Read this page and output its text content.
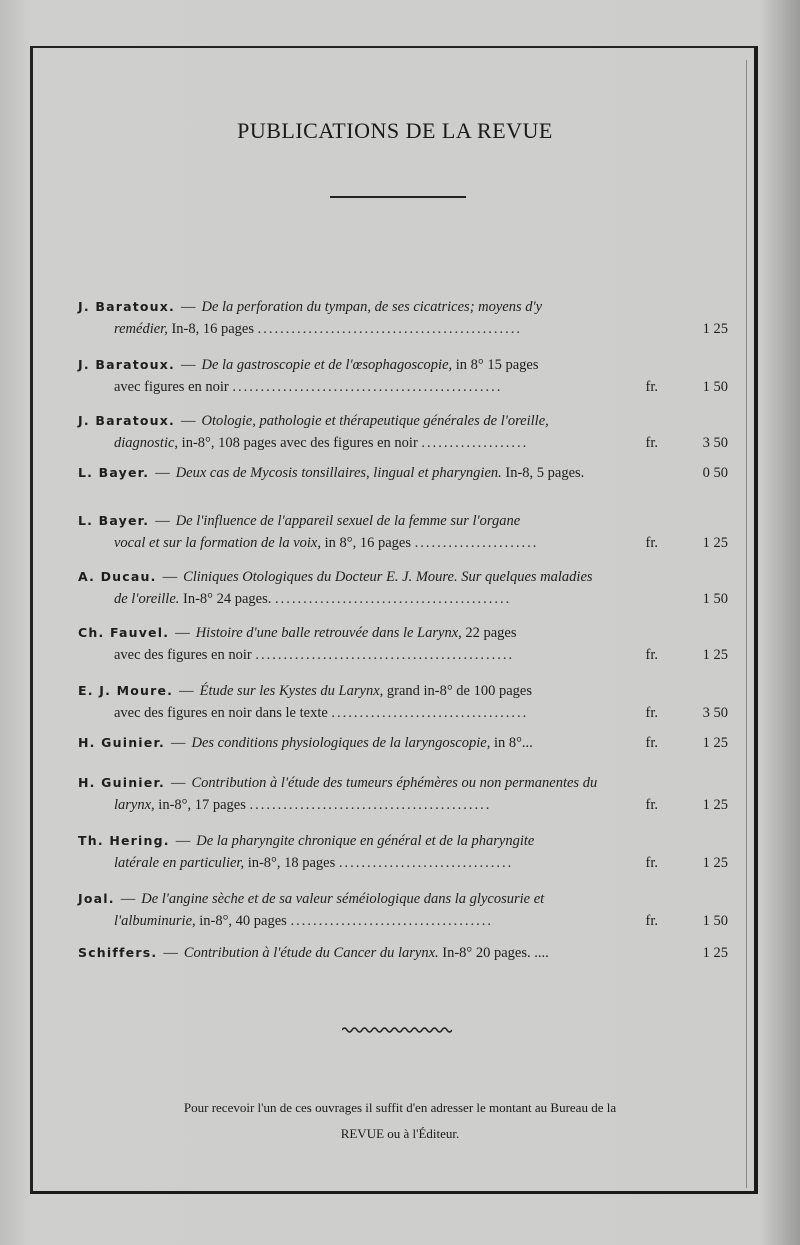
PUBLICATIONS DE LA REVUE
J. Baratoux. — De la perforation du tympan, de ses cicatrices; moyens d'y
remédier, In-8, 16 pages ...............................................	1 25
J. Baratoux. — De la gastroscopie et de l'œsophagoscopie, in 8° 15 pages
avec figures en noir ................................................	fr.	1 50
J. Baratoux. — Otologie, pathologie et thérapeutique générales de l'oreille,
diagnostic, in-8°, 108 pages avec des figures en noir ...................	fr.	3 50
L. Bayer. — Deux cas de Mycosis tonsillaires, lingual et pharyngien. In-8, 5 pages.	0 50
L. Bayer. — De l'influence de l'appareil sexuel de la femme sur l'organe
vocal et sur la formation de la voix, in 8°, 16 pages ......................	fr.	1 25
A. Ducau. — Cliniques Otologiques du Docteur E. J. Moure. Sur quelques maladies
de l'oreille. In-8° 24 pages. ..........................................	1 50
Ch. Fauvel. — Histoire d'une balle retrouvée dans le Larynx, 22 pages
avec des figures en noir ..............................................	fr.	1 25
E. J. Moure. — Étude sur les Kystes du Larynx, grand in-8° de 100 pages
avec des figures en noir dans le texte ...................................	fr.	3 50
H. Guinier. — Des conditions physiologiques de la laryngoscopie, in 8°...	fr.	1 25
H. Guinier. — Contribution à l'étude des tumeurs éphémères ou non permanentes du
larynx, in-8°, 17 pages ...........................................	fr.	1 25
Th. Hering. — De la pharyngite chronique en général et de la pharyngite
latérale en particulier, in-8°, 18 pages ...............................	fr.	1 25
Joal. — De l'angine sèche et de sa valeur séméiologique dans la glycosurie et
l'albuminurie, in-8°, 40 pages ....................................	fr.	1 50
Schiffers. — Contribution à l'étude du Cancer du larynx. In-8° 20 pages. ....	1 25
Pour recevoir l'un de ces ouvrages il suffit d'en adresser le montant au Bureau de la
REVUE ou à l'Éditeur.
